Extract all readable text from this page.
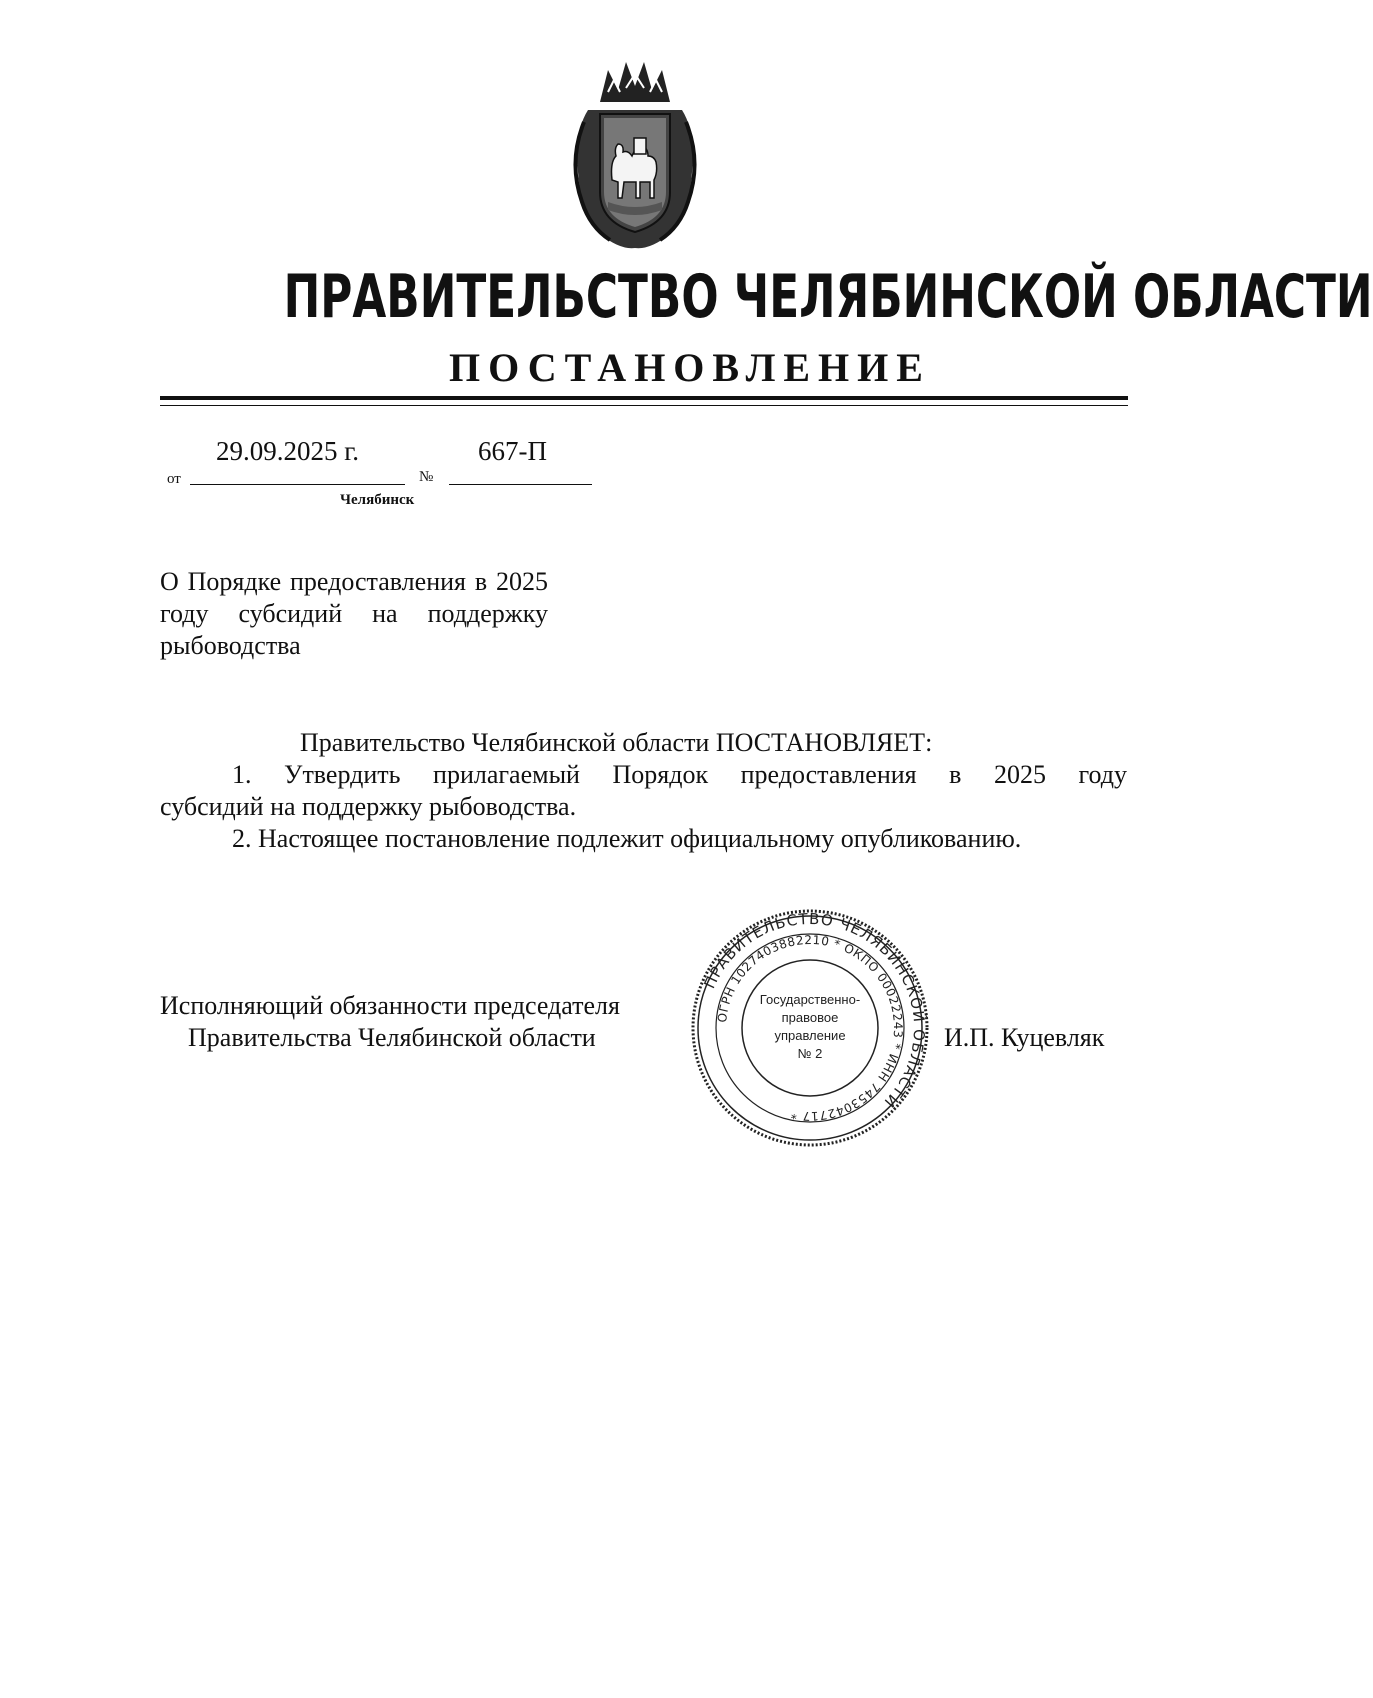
ПРАВИТЕЛЬСТВО ЧЕЛЯБИНСКОЙ ОБЛАСТИ
ПОСТАНОВЛЕНИЕ
29.09.2025 г.	667-П
от	№
Челябинск
О Порядке предоставления в 2025 году субсидий на поддержку рыбоводства
Правительство Челябинской области ПОСТАНОВЛЯЕТ:
1. Утвердить прилагаемый Порядок предоставления в 2025 году
субсидий на поддержку рыбоводства.
2. Настоящее постановление подлежит официальному опубликованию.
Исполняющий обязанности председателя
Правительства Челябинской области	И.П. Куцевляк
ПРАВИТЕЛЬСТВО ЧЕЛЯБИНСКОЙ ОБЛАСТИ
ОГРН 1027403882210 * ОКПО 00022243 * ИНН 7453042717 *
Государственно-
правовое
управление
№ 2
